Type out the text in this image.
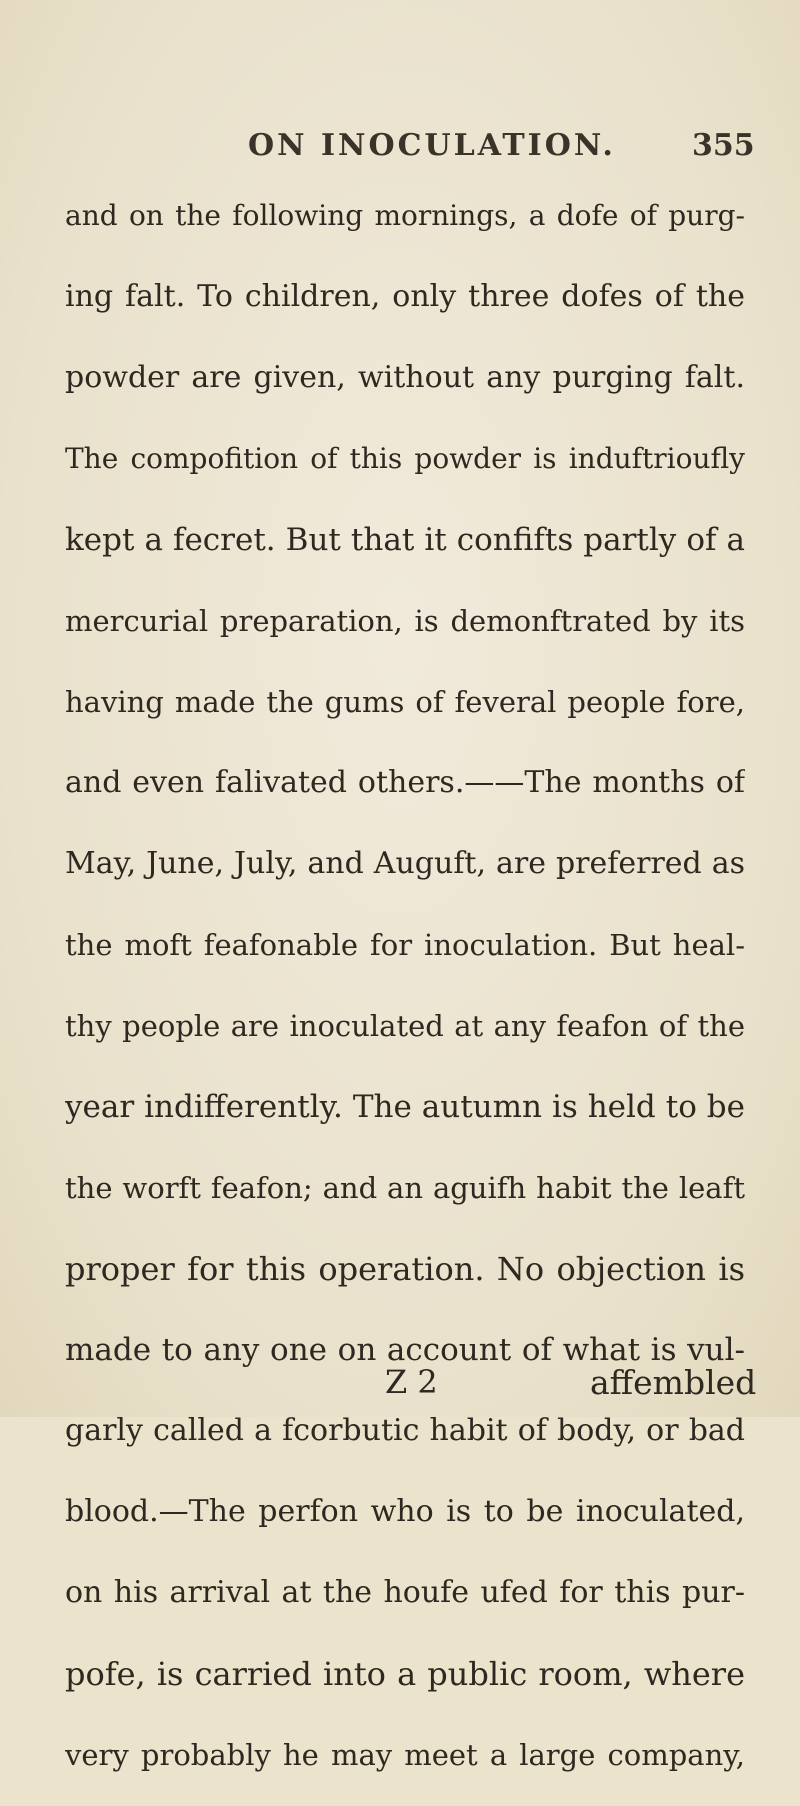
ON INOCULATION.	355
and on the following mornings, a dofe of purg-
ing falt. To children, only three dofes of the
powder are given, without any purging falt.
The compofition of this powder is induftrioufly
kept a fecret. But that it confifts partly of a
mercurial preparation, is demonftrated by its
having made the gums of feveral people fore,
and even falivated others.——The months of
May, June, July, and Auguft, are preferred as
the moft feafonable for inoculation. But heal-
thy people are inoculated at any feafon of the
year indifferently. The autumn is held to be
the worft feafon; and an aguifh habit the leaft
proper for this operation. No objection is
made to any one on account of what is vul-
garly called a fcorbutic habit of body, or bad
blood.—The perfon who is to be inoculated,
on his arrival at the houfe ufed for this pur-
pofe, is carried into a public room, where
very probably he may meet a large company,
Z 2	affembled
